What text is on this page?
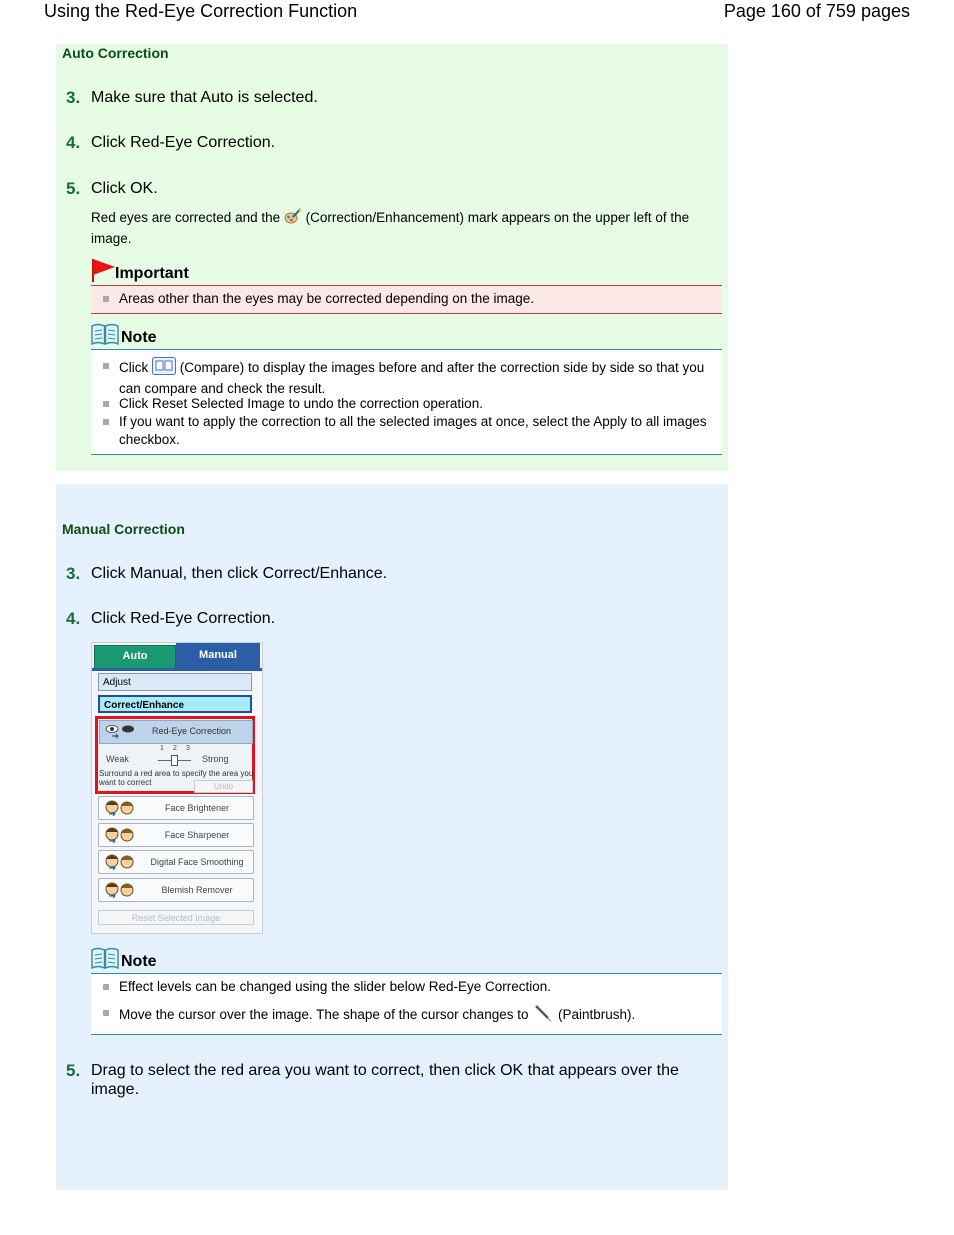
Using the Red-Eye Correction Function	Page 160 of 759 pages
Auto Correction
3. Make sure that Auto is selected.
4. Click Red-Eye Correction.
5. Click OK.
Red eyes are corrected and the (Correction/Enhancement) mark appears on the upper left of the image.
Important
Areas other than the eyes may be corrected depending on the image.
Note
Click (Compare) to display the images before and after the correction side by side so that you can compare and check the result.
Click Reset Selected Image to undo the correction operation.
If you want to apply the correction to all the selected images at once, select the Apply to all images checkbox.
Manual Correction
3. Click Manual, then click Correct/Enhance.
4. Click Red-Eye Correction.
Auto	Manual
Adjust
Correct/Enhance
Red-Eye Correction
Weak
1 2 3
Strong
Surround a red area to specify the area you want to correct	Undo
Face Brightener
Face Sharpener
Digital Face Smoothing
Blemish Remover
Reset Selected Image
Note
Effect levels can be changed using the slider below Red-Eye Correction.
Move the cursor over the image. The shape of the cursor changes to (Paintbrush).
5. Drag to select the red area you want to correct, then click OK that appears over the image.
